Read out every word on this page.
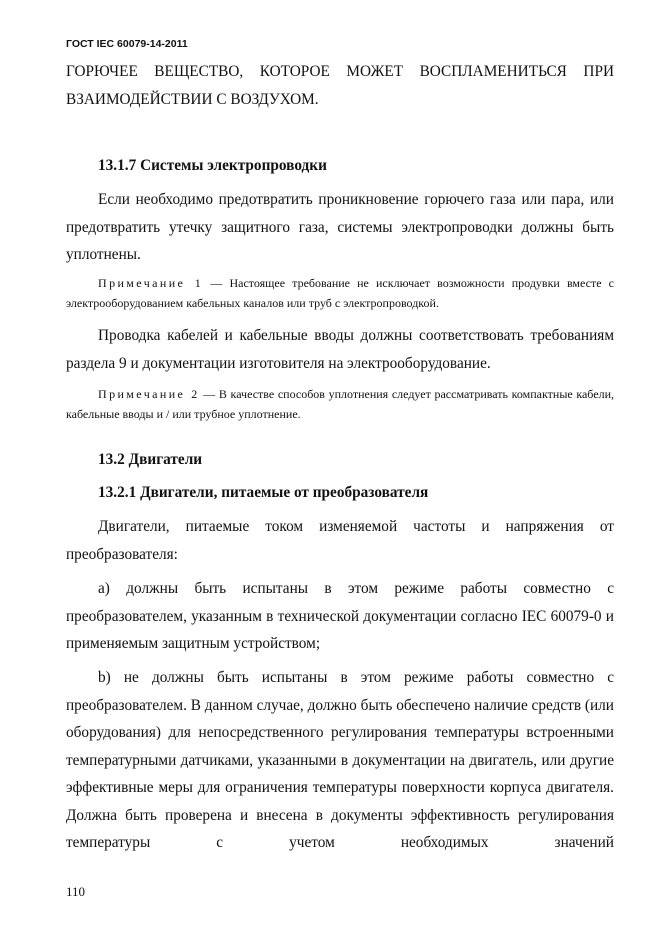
ГОСТ IEC 60079-14-2011

ГОРЮЧЕЕ ВЕЩЕСТВО, КОТОРОЕ МОЖЕТ ВОСПЛАМЕНИТЬСЯ ПРИ ВЗАИМОДЕЙСТВИИ С ВОЗДУХОМ.

13.1.7 Системы электропроводки

Если необходимо предотвратить проникновение горючего газа или пара, или предотвратить утечку защитного газа, системы электропроводки должны быть уплотнены.

Примечание 1 — Настоящее требование не исключает возможности продувки вместе с электрооборудованием кабельных каналов или труб с электропроводкой.

Проводка кабелей и кабельные вводы должны соответствовать требованиям раздела 9 и документации изготовителя на электрооборудование.

Примечание 2 — В качестве способов уплотнения следует рассматривать компактные кабели, кабельные вводы и / или трубное уплотнение.

13.2 Двигатели

13.2.1 Двигатели, питаемые от преобразователя

Двигатели, питаемые током изменяемой частоты и напряжения от преобразователя:

a) должны быть испытаны в этом режиме работы совместно с преобразователем, указанным в технической документации согласно IEC 60079-0 и применяемым защитным устройством;

b) не должны быть испытаны в этом режиме работы совместно с преобразователем. В данном случае, должно быть обеспечено наличие средств (или оборудования) для непосредственного регулирования температуры встроенными температурными датчиками, указанными в документации на двигатель, или другие эффективные меры для ограничения температуры поверхности корпуса двигателя. Должна быть проверена и внесена в документы эффективность регулирования температуры с учетом необходимых значений

110
